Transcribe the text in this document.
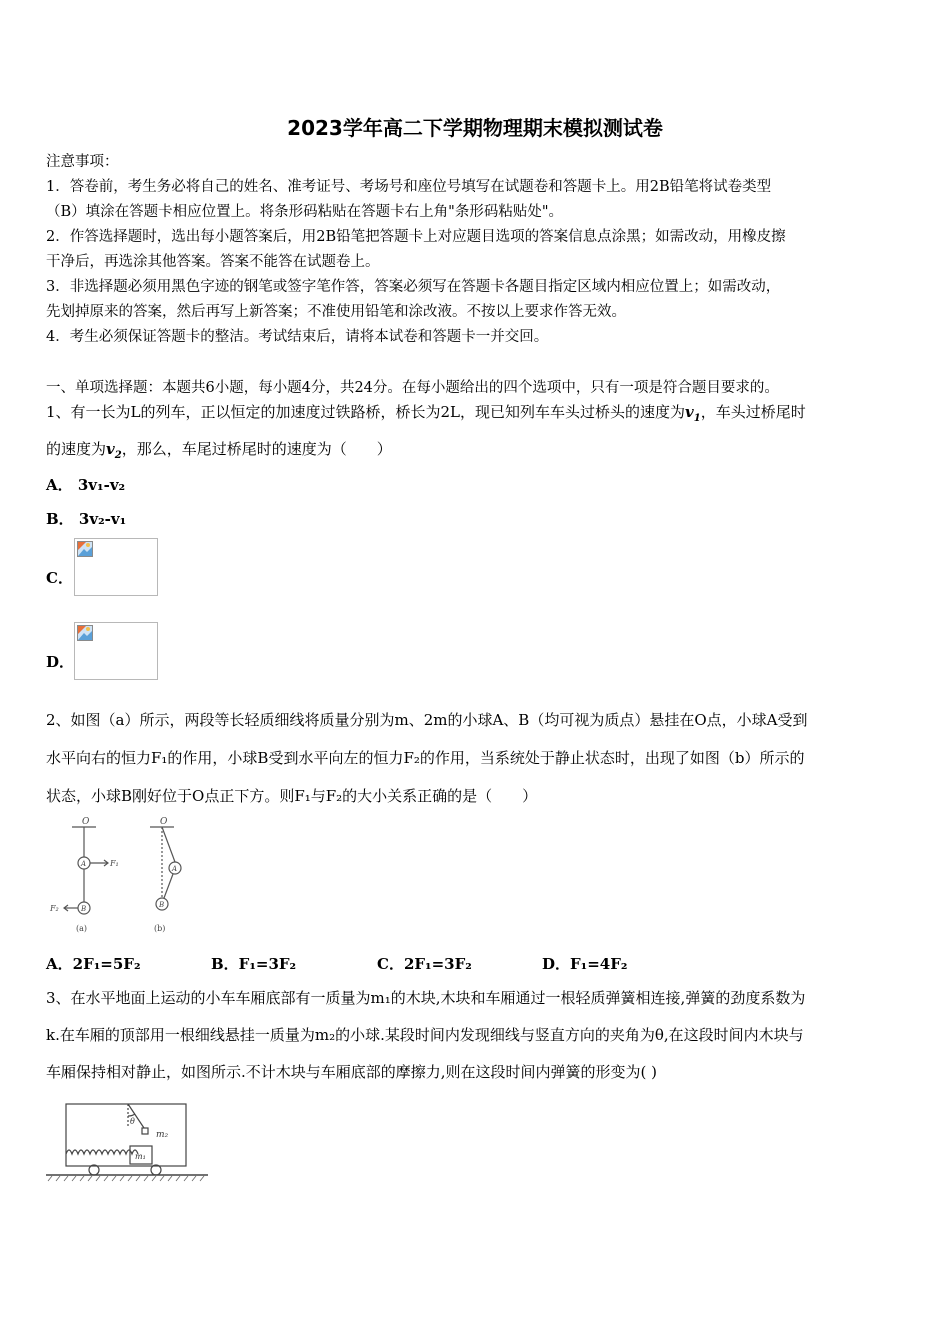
2023学年高二下学期物理期末模拟测试卷
注意事项：
1．答卷前，考生务必将自己的姓名、准考证号、考场号和座位号填写在试题卷和答题卡上。用2B铅笔将试卷类型
（B）填涂在答题卡相应位置上。将条形码粘贴在答题卡右上角"条形码粘贴处"。
2．作答选择题时，选出每小题答案后，用2B铅笔把答题卡上对应题目选项的答案信息点涂黑；如需改动，用橡皮擦
干净后，再选涂其他答案。答案不能答在试题卷上。
3．非选择题必须用黑色字迹的钢笔或签字笔作答，答案必须写在答题卡各题目指定区域内相应位置上；如需改动，
先划掉原来的答案，然后再写上新答案；不准使用铅笔和涂改液。不按以上要求作答无效。
4．考生必须保证答题卡的整洁。考试结束后，请将本试卷和答题卡一并交回。
一、单项选择题：本题共6小题，每小题4分，共24分。在每小题给出的四个选项中，只有一项是符合题目要求的。
1、有一长为L的列车，正以恒定的加速度过铁路桥，桥长为2L，现已知列车车头过桥头的速度为$v_1$，车头过桥尾时
的速度为$v_2$，那么，车尾过桥尾时的速度为（　　）
A． 3v₁-v₂
B． 3v₂-v₁
C．
D．
2、如图（a）所示，两段等长轻质细线将质量分别为m、2m的小球A、B（均可视为质点）悬挂在O点，小球A受到
水平向右的恒力F₁的作用，小球B受到水平向左的恒力F₂的作用，当系统处于静止状态时，出现了如图（b）所示的
状态，小球B刚好位于O点正下方。则F₁与F₂的大小关系正确的是（　　）
O
A	F₁
F₂	B
(a)
O
A
B
(b)
A．2F₁=5F₂	B．F₁=3F₂	C．2F₁=3F₂	D．F₁=4F₂
3、在水平地面上运动的小车车厢底部有一质量为m₁的木块,木块和车厢通过一根轻质弹簧相连接,弹簧的劲度系数为
k.在车厢的顶部用一根细线悬挂一质量为m₂的小球.某段时间内发现细线与竖直方向的夹角为θ,在这段时间内木块与
车厢保持相对静止，如图所示.不计木块与车厢底部的摩擦力,则在这段时间内弹簧的形变为( )
θ
m₂
m₁
